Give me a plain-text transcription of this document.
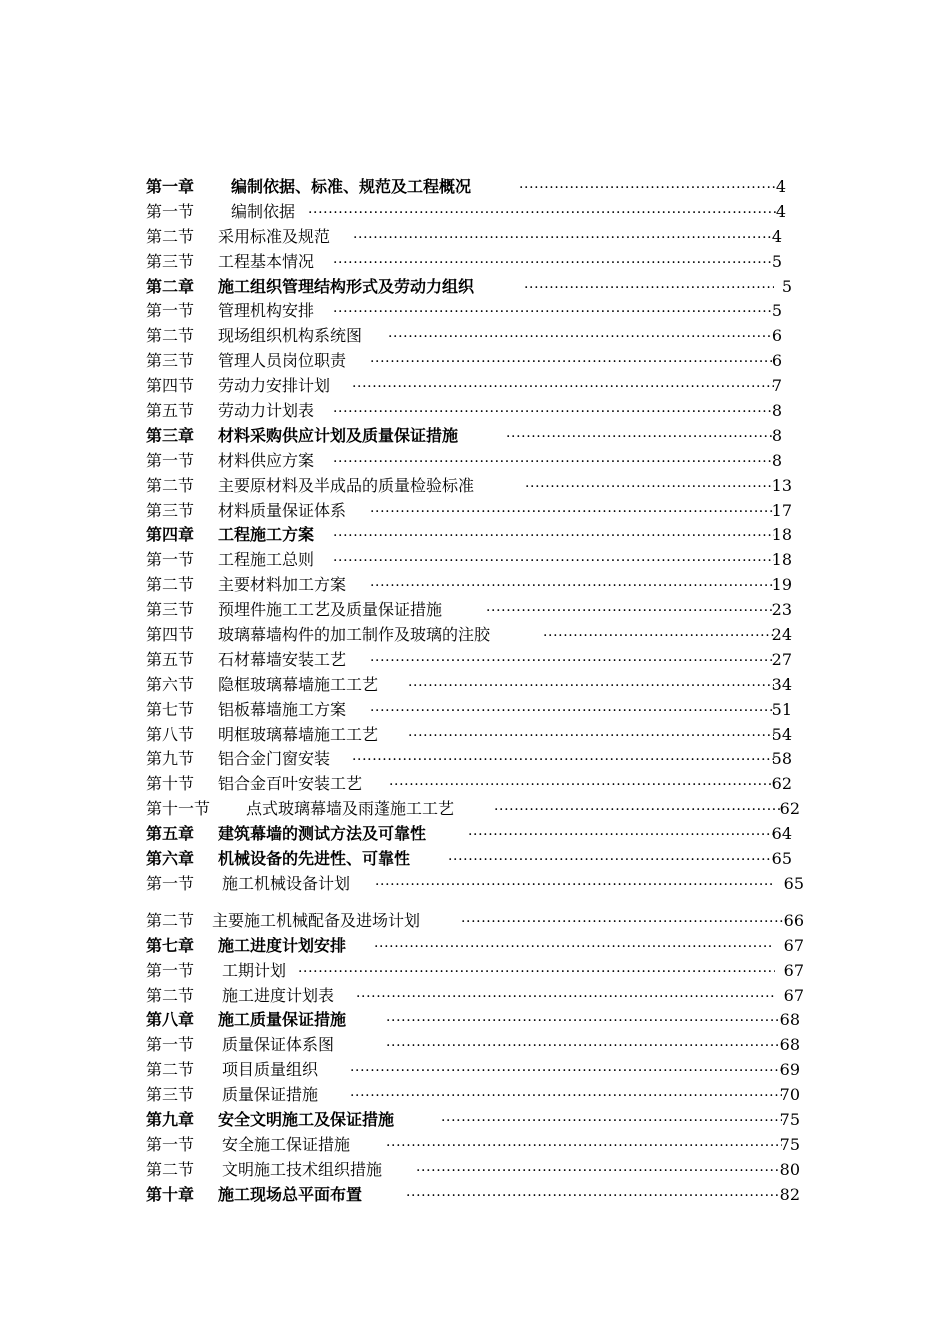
第一章 编制依据、标准、规范及工程概况 ·····	4
第一节 编制依据 ·····	4
第二节 采用标准及规范 ·····	4
第三节 工程基本情况 ·····	5
第二章 施工组织管理结构形式及劳动力组织 ·····	5
第一节 管理机构安排 ·····	5
第二节 现场组织机构系统图 ·····	6
第三节 管理人员岗位职责 ·····	6
第四节 劳动力安排计划 ·····	7
第五节 劳动力计划表 ·····	8
第三章 材料采购供应计划及质量保证措施 ·····	8
第一节 材料供应方案 ·····	8
第二节 主要原材料及半成品的质量检验标准 ·····	13
第三节 材料质量保证体系 ·····	17
第四章 工程施工方案 ·····	18
第一节 工程施工总则 ·····	18
第二节 主要材料加工方案 ·····	19
第三节 预埋件施工工艺及质量保证措施 ·····	23
第四节 玻璃幕墙构件的加工制作及玻璃的注胶 ·····	24
第五节 石材幕墙安装工艺 ·····	27
第六节 隐框玻璃幕墙施工工艺 ·····	34
第七节 铝板幕墙施工方案 ·····	51
第八节 明框玻璃幕墙施工工艺 ·····	54
第九节 铝合金门窗安装 ·····	58
第十节 铝合金百叶安装工艺 ·····	62
第十一节 点式玻璃幕墙及雨蓬施工工艺 ·····	62
第五章 建筑幕墙的测试方法及可靠性 ·····	64
第六章 机械设备的先进性、可靠性 ·····	65
第一节 施工机械设备计划 ·····	65
第二节 主要施工机械配备及进场计划 ·····	66
第七章 施工进度计划安排 ·····	67
第一节 工期计划 ·····	67
第二节 施工进度计划表 ·····	67
第八章 施工质量保证措施 ·····	68
第一节 质量保证体系图 ·····	68
第二节 项目质量组织 ·····	69
第三节 质量保证措施 ·····	70
第九章 安全文明施工及保证措施 ·····	75
第一节 安全施工保证措施 ·····	75
第二节 文明施工技术组织措施 ·····	80
第十章 施工现场总平面布置 ·····	82
